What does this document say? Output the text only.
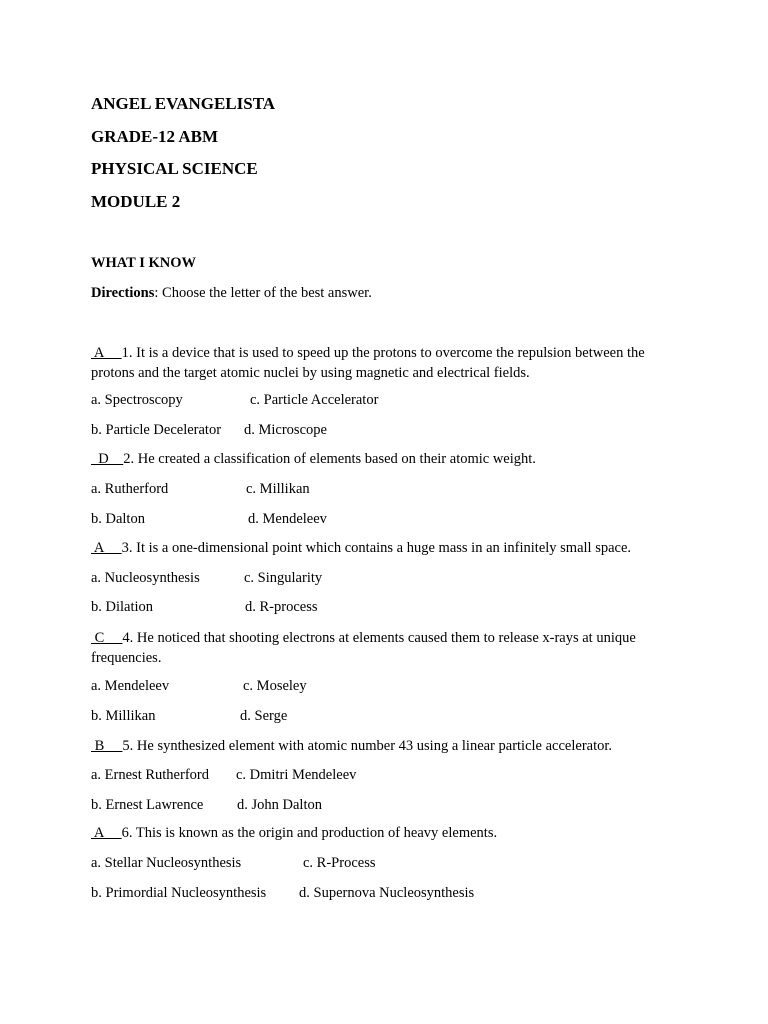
ANGEL EVANGELISTA
GRADE-12 ABM
PHYSICAL SCIENCE
MODULE 2
WHAT I KNOW
Directions: Choose the letter of the best answer.
A     1. It is a device that is used to speed up the protons to overcome the repulsion between the protons and the target atomic nuclei by using magnetic and electrical fields.
a. Spectroscopy	c. Particle Accelerator
b. Particle Decelerator d. Microscope
D    2. He created a classification of elements based on their atomic weight.
a. Rutherford	c. Millikan
b. Dalton	d. Mendeleev
A     3. It is a one-dimensional point which contains a huge mass in an infinitely small space.
a. Nucleosynthesis	c. Singularity
b. Dilation	d. R-process
C     4. He noticed that shooting electrons at elements caused them to release x-rays at unique frequencies.
a. Mendeleev	c. Moseley
b. Millikan	d. Serge
B     5. He synthesized element with atomic number 43 using a linear particle accelerator.
a. Ernest Rutherford c. Dmitri Mendeleev
b. Ernest Lawrence d. John Dalton
A     6. This is known as the origin and production of heavy elements.
a. Stellar Nucleosynthesis	c. R-Process
b. Primordial Nucleosynthesis d. Supernova Nucleosynthesis
